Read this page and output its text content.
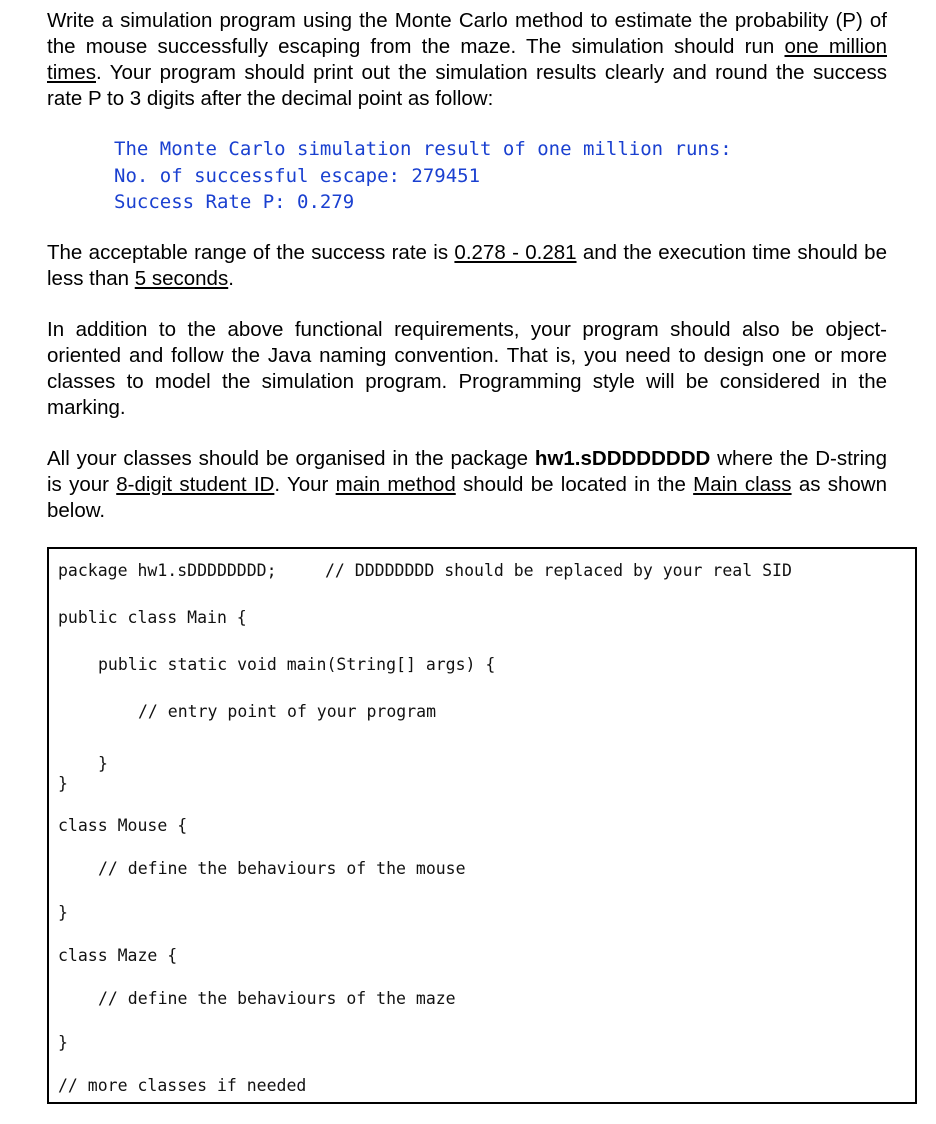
Write a simulation program using the Monte Carlo method to estimate the probability (P) of the mouse successfully escaping from the maze. The simulation should run one million times. Your program should print out the simulation results clearly and round the success rate P to 3 digits after the decimal point as follow:

The Monte Carlo simulation result of one million runs:
No. of successful escape: 279451
Success Rate P: 0.279

The acceptable range of the success rate is 0.278 - 0.281 and the execution time should be less than 5 seconds.

In addition to the above functional requirements, your program should also be object-oriented and follow the Java naming convention. That is, you need to design one or more classes to model the simulation program. Programming style will be considered in the marking.

All your classes should be organised in the package hw1.sDDDDDDDD where the D-string is your 8-digit student ID. Your main method should be located in the Main class as shown below.

package hw1.sDDDDDDDD;	// DDDDDDDD should be replaced by your real SID
public class Main {
public static void main(String[] args) {
// entry point of your program
}
}
class Mouse {
// define the behaviours of the mouse
}
class Maze {
// define the behaviours of the maze
}
// more classes if needed
